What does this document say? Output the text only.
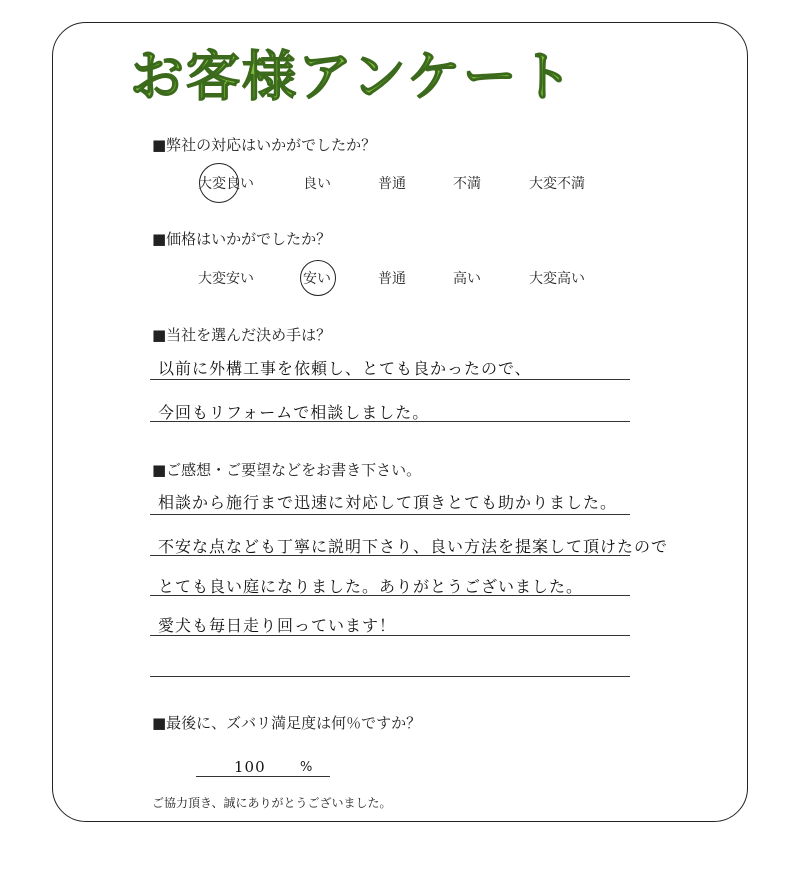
お客様アンケート
■弊社の対応はいかがでしたか？
大変良い	良い	普通	不満	大変不満
■価格はいかがでしたか？
大変安い	安い	普通	高い	大変高い
■当社を選んだ決め手は？
以前に外構工事を依頼し、とても良かったので、
今回もリフォームで相談しました。
■ご感想・ご要望などをお書き下さい。
相談から施行まで迅速に対応して頂きとても助かりました。
不安な点なども丁寧に説明下さり、良い方法を提案して頂けたので
とても良い庭になりました。ありがとうございました。
愛犬も毎日走り回っています！
■最後に、ズバリ満足度は何％ですか？
100	%
ご協力頂き、誠にありがとうございました。
